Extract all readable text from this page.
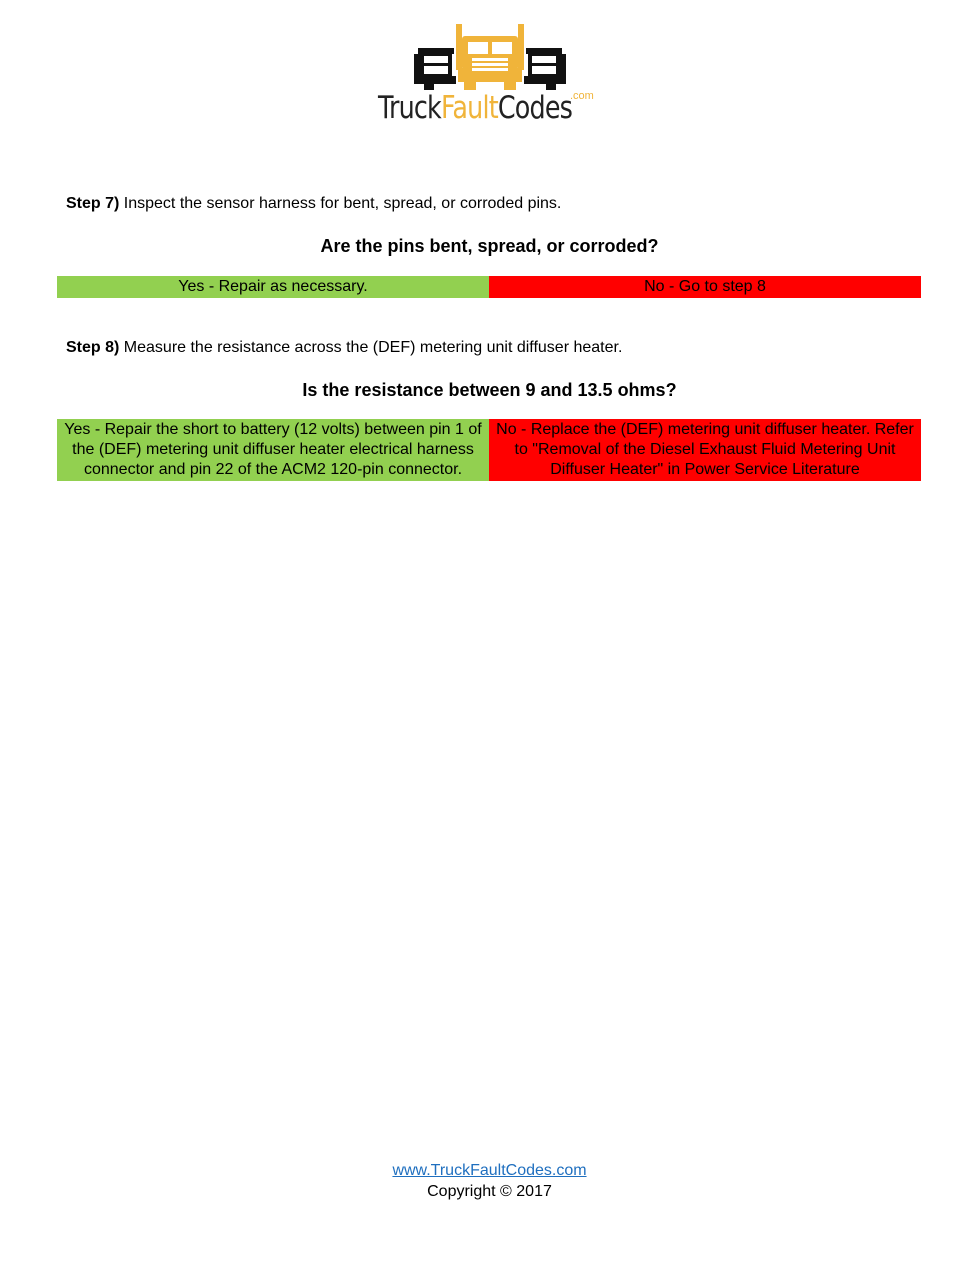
TruckFaultCodes
.com
Step 7) Inspect the sensor harness for bent, spread, or corroded pins.
Are the pins bent, spread, or corroded?
Yes - Repair as necessary.	No - Go to step 8
Step 8) Measure the resistance across the (DEF) metering unit diffuser heater.
Is the resistance between 9 and 13.5 ohms?
Yes - Repair the short to battery (12 volts) between pin 1 of the (DEF) metering unit diffuser heater electrical harness connector and pin 22 of the ACM2 120-pin connector.
No - Replace the (DEF) metering unit diffuser heater. Refer to "Removal of the Diesel Exhaust Fluid Metering Unit Diffuser Heater" in Power Service Literature
www.TruckFaultCodes.com
Copyright © 2017
